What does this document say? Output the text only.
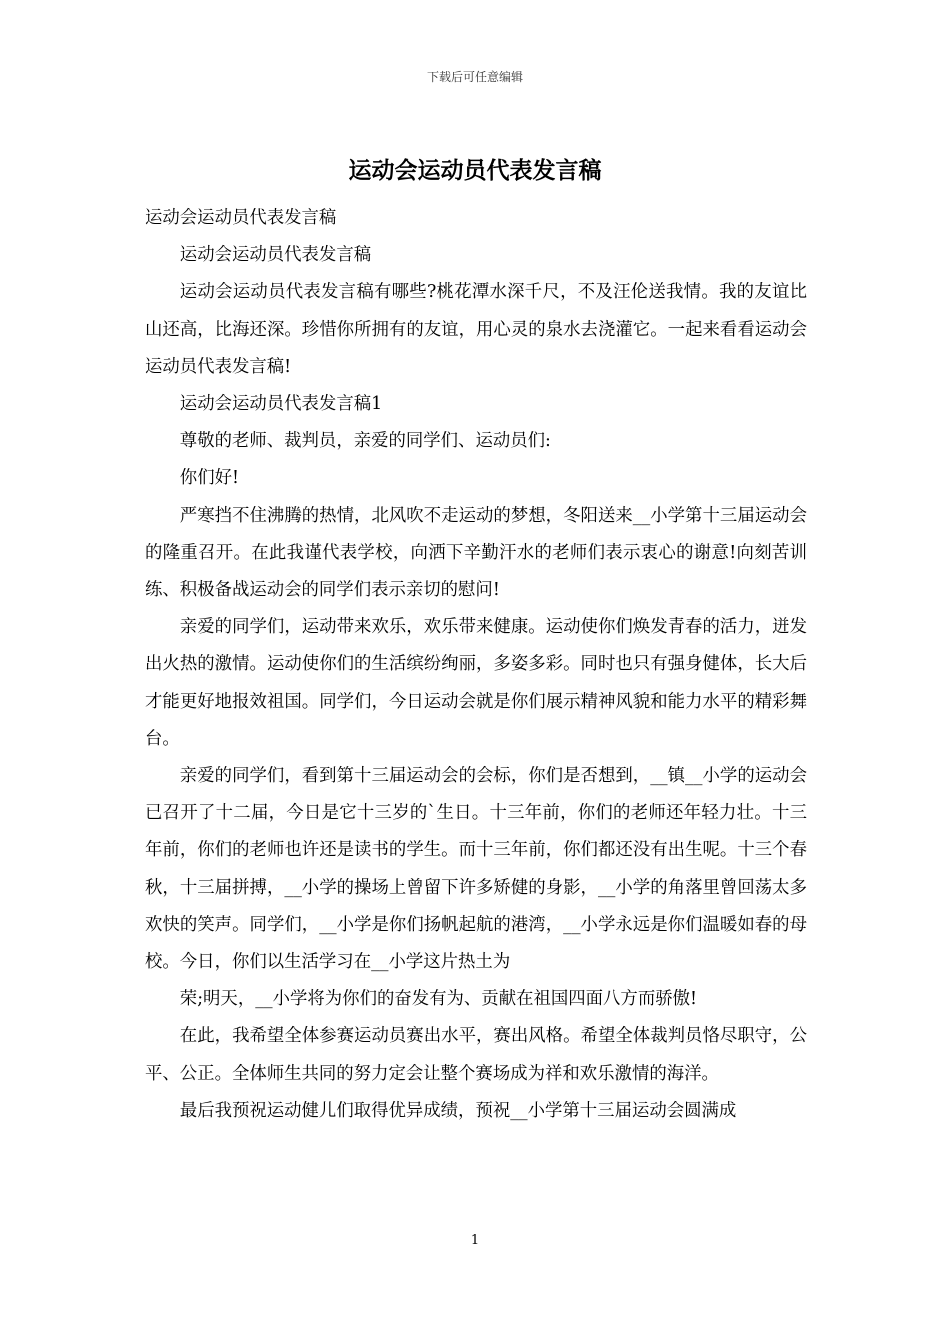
下载后可任意编辑
运动会运动员代表发言稿

运动会运动员代表发言稿

运动会运动员代表发言稿

运动会运动员代表发言稿有哪些?桃花潭水深千尺，不及汪伦送我情。我的友谊比山还高，比海还深。珍惜你所拥有的友谊，用心灵的泉水去浇灌它。一起来看看运动会运动员代表发言稿!

运动会运动员代表发言稿1

尊敬的老师、裁判员，亲爱的同学们、运动员们:

你们好!

严寒挡不住沸腾的热情，北风吹不走运动的梦想，冬阳送来__小学第十三届运动会的隆重召开。在此我谨代表学校，向洒下辛勤汗水的老师们表示衷心的谢意!向刻苦训练、积极备战运动会的同学们表示亲切的慰问!

亲爱的同学们，运动带来欢乐，欢乐带来健康。运动使你们焕发青春的活力，迸发出火热的激情。运动使你们的生活缤纷绚丽，多姿多彩。同时也只有强身健体，长大后才能更好地报效祖国。同学们，今日运动会就是你们展示精神风貌和能力水平的精彩舞台。

亲爱的同学们，看到第十三届运动会的会标，你们是否想到，__镇__小学的运动会已召开了十二届，今日是它十三岁的`生日。十三年前，你们的老师还年轻力壮。十三年前，你们的老师也许还是读书的学生。而十三年前，你们都还没有出生呢。十三个春秋，十三届拼搏，__小学的操场上曾留下许多矫健的身影，__小学的角落里曾回荡太多欢快的笑声。同学们，__小学是你们扬帆起航的港湾，__小学永远是你们温暖如春的母校。今日，你们以生活学习在__小学这片热土为

荣;明天，__小学将为你们的奋发有为、贡献在祖国四面八方而骄傲!

在此，我希望全体参赛运动员赛出水平，赛出风格。希望全体裁判员恪尽职守，公平、公正。全体师生共同的努力定会让整个赛场成为祥和欢乐激情的海洋。

最后我预祝运动健儿们取得优异成绩，预祝__小学第十三届运动会圆满成

1
